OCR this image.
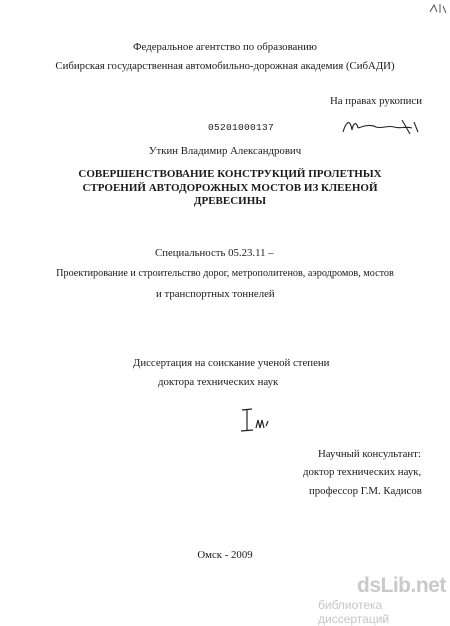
Федеральное агентство по образованию
Сибирская государственная автомобильно-дорожная академия (СибАДИ)
На правах рукописи
05201000137
Уткин Владимир Александрович
СОВЕРШЕНСТВОВАНИЕ КОНСТРУКЦИЙ ПРОЛЕТНЫХ
СТРОЕНИЙ АВТОДОРОЖНЫХ МОСТОВ ИЗ КЛЕЕНОЙ
ДРЕВЕСИНЫ
Специальность 05.23.11 –
Проектирование и строительство дорог, метрополитенов, аэродромов, мостов
и транспортных тоннелей
Диссертация на соискание ученой степени
доктора технических наук
Научный консультант:
доктор технических наук,
профессор Г.М. Кадисов
Омск - 2009
dsLib.net
библиотека диссертаций
